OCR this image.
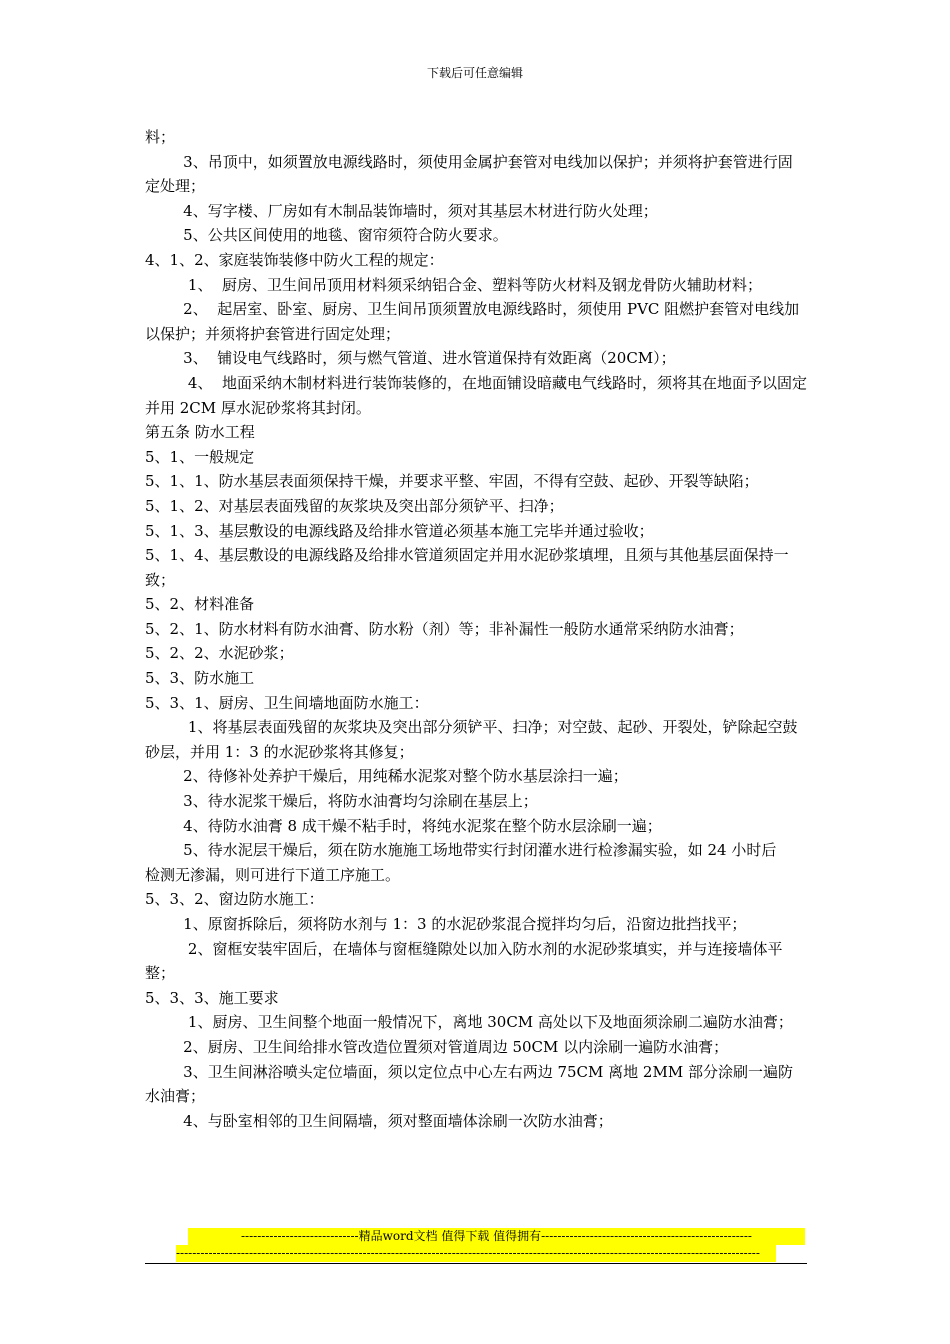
下载后可任意编辑

料；

3、吊顶中，如须置放电源线路时，须使用金属护套管对电线加以保护；并须将护套管进行固定处理；

4、写字楼、厂房如有木制品装饰墙时，须对其基层木材进行防火处理；

5、公共区间使用的地毯、窗帘须符合防火要求。

4、1、2、家庭装饰装修中防火工程的规定：

1、  厨房、卫生间吊顶用材料须采纳铝合金、塑料等防火材料及钢龙骨防火辅助材料；

2、  起居室、卧室、厨房、卫生间吊顶须置放电源线路时，须使用 PVC 阻燃护套管对电线加以保护；并须将护套管进行固定处理；

3、  铺设电气线路时，须与燃气管道、进水管道保持有效距离（20CM）；

4、  地面采纳木制材料进行装饰装修的，在地面铺设暗藏电气线路时，须将其在地面予以固定并用 2CM 厚水泥砂浆将其封闭。

第五条 防水工程

5、1、一般规定

5、1、1、防水基层表面须保持干燥，并要求平整、牢固，不得有空鼓、起砂、开裂等缺陷；

5、1、2、对基层表面残留的灰浆块及突出部分须铲平、扫净；

5、1、3、基层敷设的电源线路及给排水管道必须基本施工完毕并通过验收；

5、1、4、基层敷设的电源线路及给排水管道须固定并用水泥砂浆填埋，且须与其他基层面保持一致；

5、2、材料准备

5、2、1、防水材料有防水油膏、防水粉（剂）等；非补漏性一般防水通常采纳防水油膏；

5、2、2、水泥砂浆；

5、3、防水施工

5、3、1、厨房、卫生间墙地面防水施工：

1、将基层表面残留的灰浆块及突出部分须铲平、扫净；对空鼓、起砂、开裂处，铲除起空鼓砂层，并用 1：3 的水泥砂浆将其修复；

2、待修补处养护干燥后，用纯稀水泥浆对整个防水基层涂扫一遍；

3、待水泥浆干燥后，将防水油膏均匀涂刷在基层上；

4、待防水油膏 8 成干燥不粘手时，将纯水泥浆在整个防水层涂刷一遍；

5、待水泥层干燥后，须在防水施施工场地带实行封闭灌水进行检渗漏实验，如 24 小时后            检测无渗漏，则可进行下道工序施工。

5、3、2、窗边防水施工：

1、原窗拆除后，须将防水剂与 1：3 的水泥砂浆混合搅拌均匀后，沿窗边批挡找平；

2、窗框安装牢固后，在墙体与窗框缝隙处以加入防水剂的水泥砂浆填实，并与连接墙体平整；

5、3、3、施工要求

1、厨房、卫生间整个地面一般情况下，离地 30CM 高处以下及地面须涂刷二遍防水油膏；

2、厨房、卫生间给排水管改造位置须对管道周边 50CM 以内涂刷一遍防水油膏；

3、卫生间淋浴喷头定位墙面，须以定位点中心左右两边 75CM 离地 2MM 部分涂刷一遍防水油膏；

4、与卧室相邻的卫生间隔墙，须对整面墙体涂刷一次防水油膏；

-----------------------------精品word文档 值得下载 值得拥有----------------------------------------------------
------------------------------------------------------------------------------------------------------------------------------------------------
